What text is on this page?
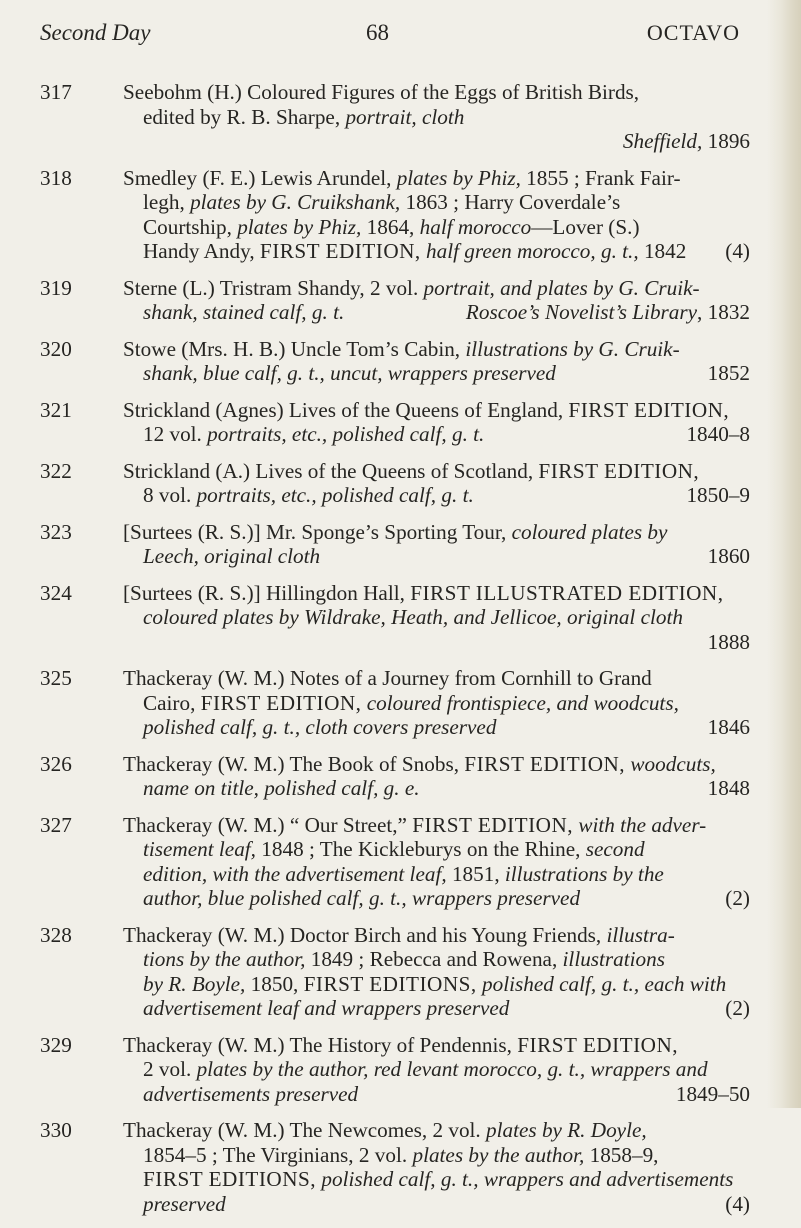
Second Day	68	OCTAVO
317	Seebohm (H.) Coloured Figures of the Eggs of British Birds,
edited by R. B. Sharpe, portrait, cloth
Sheffield, 1896
318	Smedley (F. E.) Lewis Arundel, plates by Phiz, 1855 ; Frank Fair-
legh, plates by G. Cruikshank, 1863 ; Harry Coverdale’s
Courtship, plates by Phiz, 1864, half morocco—Lover (S.)
Handy Andy, FIRST EDITION, half green morocco, g. t., 1842 (4)
319	Sterne (L.) Tristram Shandy, 2 vol. portrait, and plates by G. Cruik-
shank, stained calf, g. t.	Roscoe’s Novelist’s Library, 1832
320	Stowe (Mrs. H. B.) Uncle Tom’s Cabin, illustrations by G. Cruik-
shank, blue calf, g. t., uncut, wrappers preserved	1852
321	Strickland (Agnes) Lives of the Queens of England, FIRST EDITION,
12 vol. portraits, etc., polished calf, g. t.	1840–8
322	Strickland (A.) Lives of the Queens of Scotland, FIRST EDITION,
8 vol. portraits, etc., polished calf, g. t.	1850–9
323	[Surtees (R. S.)] Mr. Sponge’s Sporting Tour, coloured plates by
Leech, original cloth	1860
324	[Surtees (R. S.)] Hillingdon Hall, FIRST ILLUSTRATED EDITION,
coloured plates by Wildrake, Heath, and Jellicoe, original cloth
1888
325	Thackeray (W. M.) Notes of a Journey from Cornhill to Grand
Cairo, FIRST EDITION, coloured frontispiece, and woodcuts,
polished calf, g. t., cloth covers preserved	1846
326	Thackeray (W. M.) The Book of Snobs, FIRST EDITION, woodcuts,
name on title, polished calf, g. e.	1848
327	Thackeray (W. M.) “ Our Street,” FIRST EDITION, with the adver-
tisement leaf, 1848 ; The Kickleburys on the Rhine, second
edition, with the advertisement leaf, 1851, illustrations by the
author, blue polished calf, g. t., wrappers preserved	(2)
328	Thackeray (W. M.) Doctor Birch and his Young Friends, illustra-
tions by the author, 1849 ; Rebecca and Rowena, illustrations
by R. Boyle, 1850, FIRST EDITIONS, polished calf, g. t., each with
advertisement leaf and wrappers preserved	(2)
329	Thackeray (W. M.) The History of Pendennis, FIRST EDITION,
2 vol. plates by the author, red levant morocco, g. t., wrappers and
advertisements preserved	1849–50
330	Thackeray (W. M.) The Newcomes, 2 vol. plates by R. Doyle,
1854–5 ; The Virginians, 2 vol. plates by the author, 1858–9,
FIRST EDITIONS, polished calf, g. t., wrappers and advertisements
preserved	(4)
